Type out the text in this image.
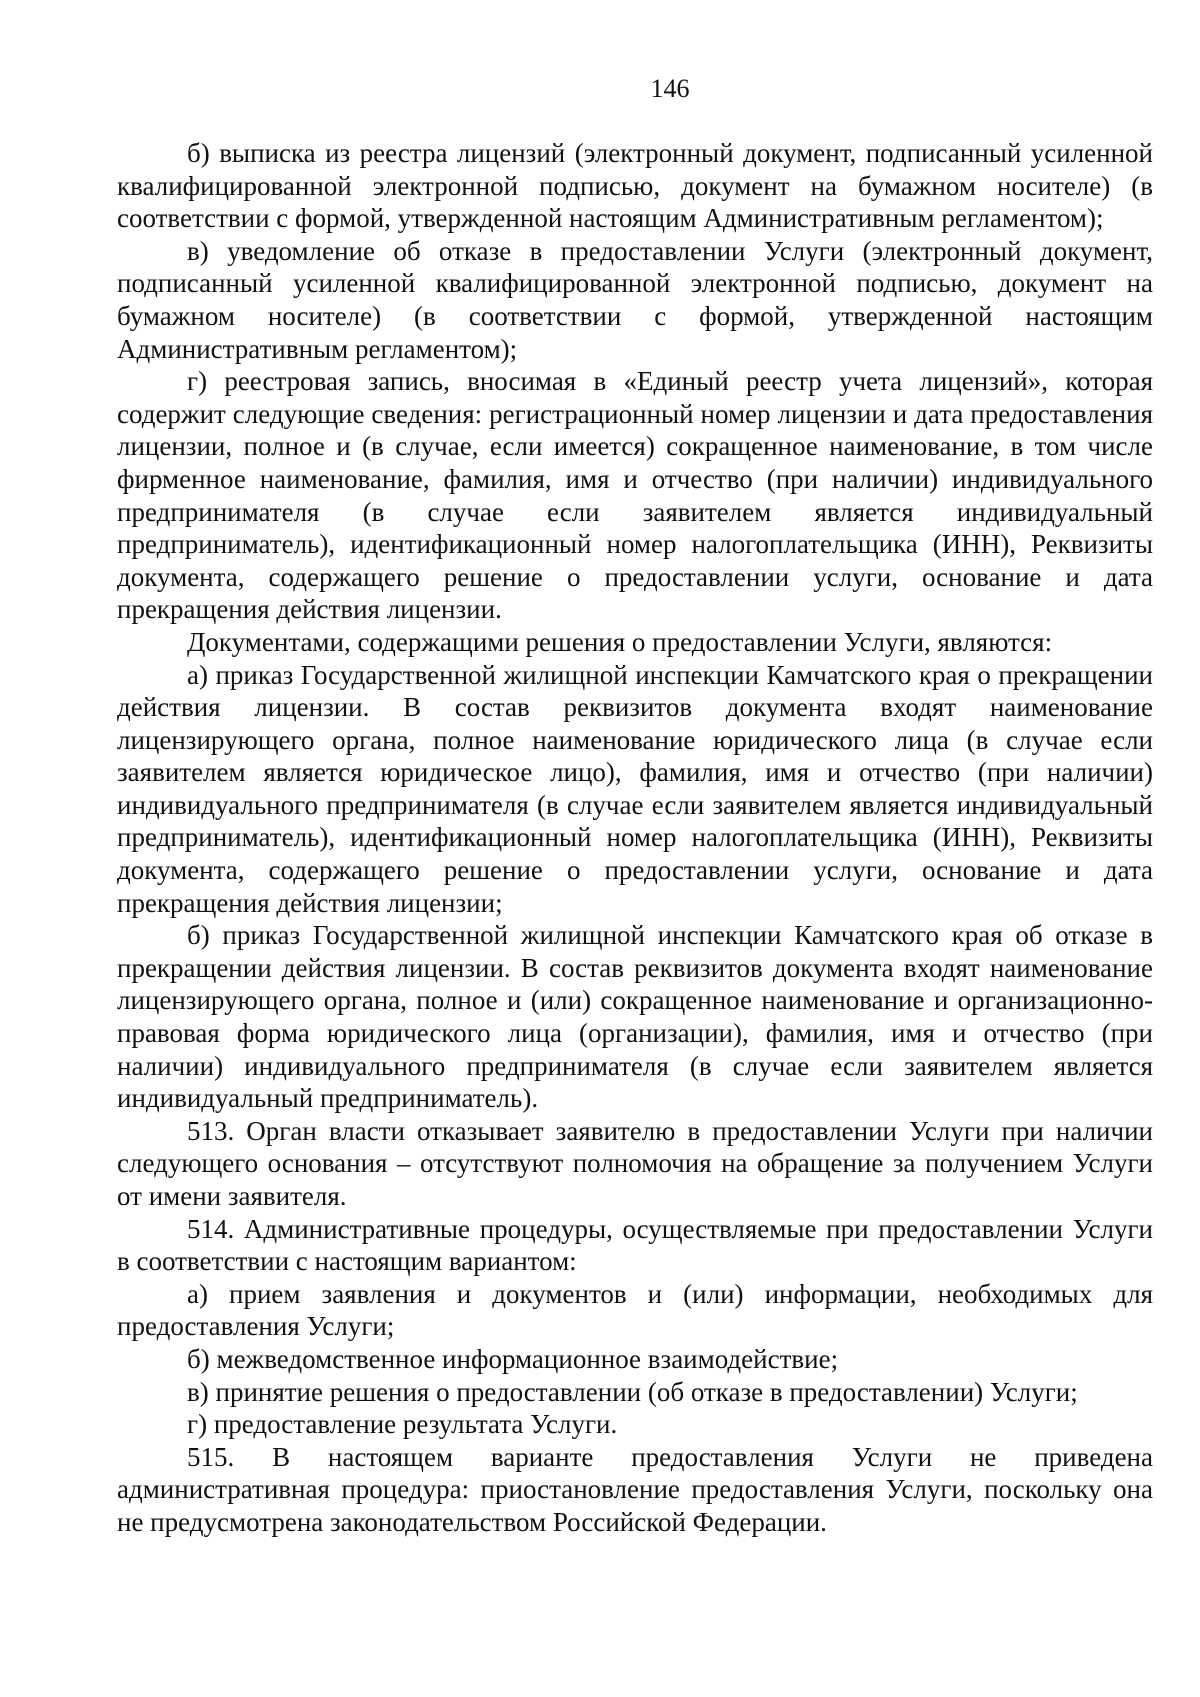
146

б) выписка из реестра лицензий (электронный документ, подписанный усиленной квалифицированной электронной подписью, документ на бумажном носителе) (в соответствии с формой, утвержденной настоящим Административным регламентом);

в) уведомление об отказе в предоставлении Услуги (электронный документ, подписанный усиленной квалифицированной электронной подписью, документ на бумажном носителе) (в соответствии с формой, утвержденной настоящим Административным регламентом);

г) реестровая запись, вносимая в «Единый реестр учета лицензий», которая содержит следующие сведения: регистрационный номер лицензии и дата предоставления лицензии, полное и (в случае, если имеется) сокращенное наименование, в том числе фирменное наименование, фамилия, имя и отчество (при наличии) индивидуального предпринимателя (в случае если заявителем является индивидуальный предприниматель), идентификационный номер налогоплательщика (ИНН), Реквизиты документа, содержащего решение о предоставлении услуги, основание и дата прекращения действия лицензии.

Документами, содержащими решения о предоставлении Услуги, являются:

а) приказ Государственной жилищной инспекции Камчатского края о прекращении действия лицензии. В состав реквизитов документа входят наименование лицензирующего органа, полное наименование юридического лица (в случае если заявителем является юридическое лицо), фамилия, имя и отчество (при наличии) индивидуального предпринимателя (в случае если заявителем является индивидуальный предприниматель), идентификационный номер налогоплательщика (ИНН), Реквизиты документа, содержащего решение о предоставлении услуги, основание и дата прекращения действия лицензии;

б) приказ Государственной жилищной инспекции Камчатского края об отказе в прекращении действия лицензии. В состав реквизитов документа входят наименование лицензирующего органа, полное и (или) сокращенное наименование и организационно-правовая форма юридического лица (организации), фамилия, имя и отчество (при наличии) индивидуального предпринимателя (в случае если заявителем является индивидуальный предприниматель).

513. Орган власти отказывает заявителю в предоставлении Услуги при наличии следующего основания – отсутствуют полномочия на обращение за получением Услуги от имени заявителя.

514. Административные процедуры, осуществляемые при предоставлении Услуги в соответствии с настоящим вариантом:

а) прием заявления и документов и (или) информации, необходимых для предоставления Услуги;

б) межведомственное информационное взаимодействие;

в) принятие решения о предоставлении (об отказе в предоставлении) Услуги;

г) предоставление результата Услуги.

515. В настоящем варианте предоставления Услуги не приведена административная процедура: приостановление предоставления Услуги, поскольку она не предусмотрена законодательством Российской Федерации.
